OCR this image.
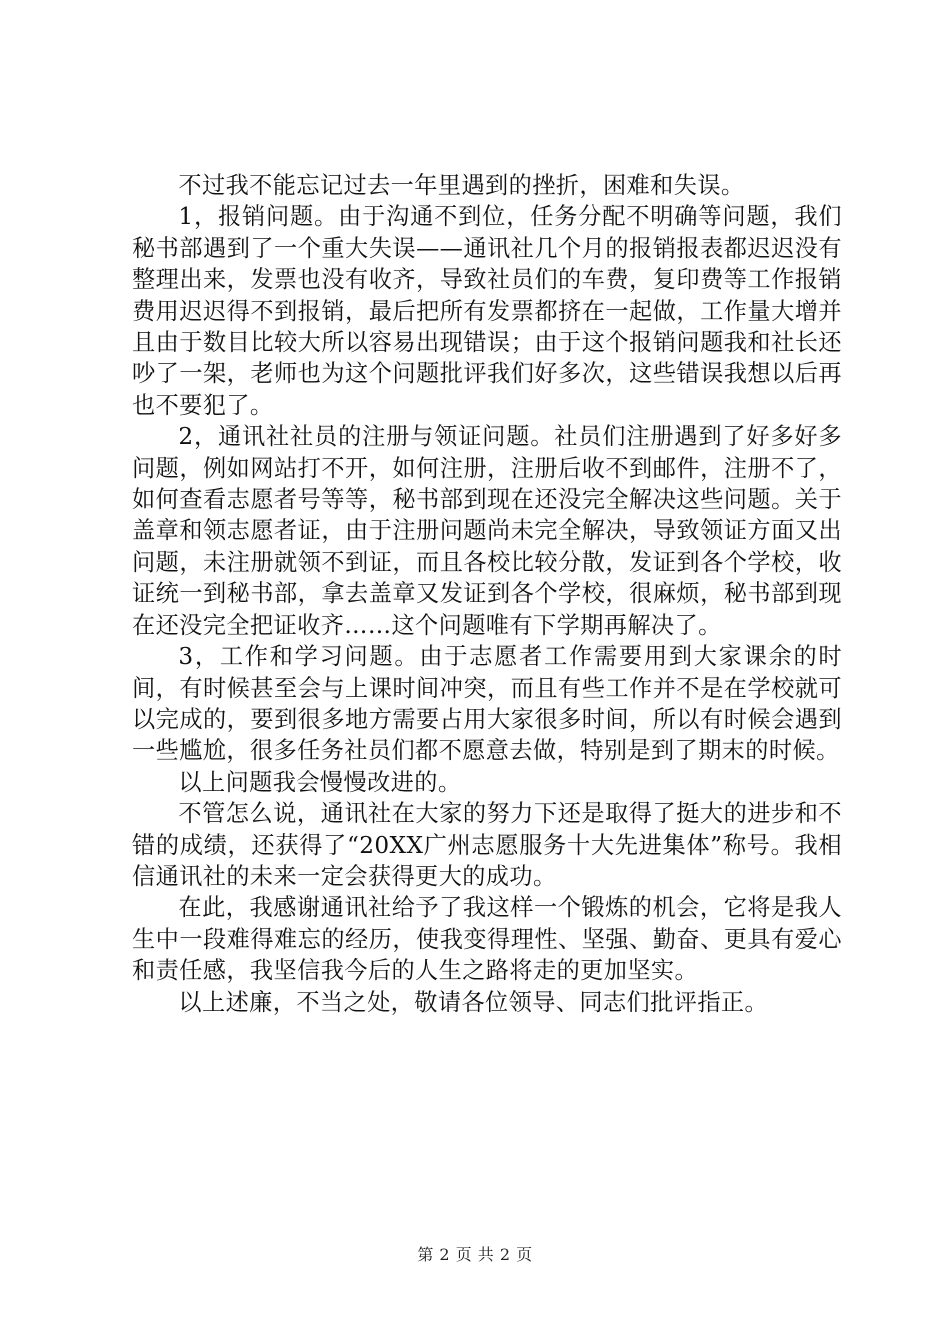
不过我不能忘记过去一年里遇到的挫折，困难和失误。

1，报销问题。由于沟通不到位，任务分配不明确等问题，我们秘书部遇到了一个重大失误——通讯社几个月的报销报表都迟迟没有整理出来，发票也没有收齐，导致社员们的车费，复印费等工作报销费用迟迟得不到报销，最后把所有发票都挤在一起做，工作量大增并且由于数目比较大所以容易出现错误；由于这个报销问题我和社长还吵了一架，老师也为这个问题批评我们好多次，这些错误我想以后再也不要犯了。

2，通讯社社员的注册与领证问题。社员们注册遇到了好多好多问题，例如网站打不开，如何注册，注册后收不到邮件，注册不了，如何查看志愿者号等等，秘书部到现在还没完全解决这些问题。关于盖章和领志愿者证，由于注册问题尚未完全解决，导致领证方面又出问题，未注册就领不到证，而且各校比较分散，发证到各个学校，收证统一到秘书部，拿去盖章又发证到各个学校，很麻烦，秘书部到现在还没完全把证收齐……这个问题唯有下学期再解决了。

3，工作和学习问题。由于志愿者工作需要用到大家课余的时间，有时候甚至会与上课时间冲突，而且有些工作并不是在学校就可以完成的，要到很多地方需要占用大家很多时间，所以有时候会遇到一些尴尬，很多任务社员们都不愿意去做，特别是到了期末的时候。

以上问题我会慢慢改进的。

不管怎么说，通讯社在大家的努力下还是取得了挺大的进步和不错的成绩，还获得了“20XX广州志愿服务十大先进集体”称号。我相信通讯社的未来一定会获得更大的成功。

在此，我感谢通讯社给予了我这样一个锻炼的机会，它将是我人生中一段难得难忘的经历，使我变得理性、坚强、勤奋、更具有爱心和责任感，我坚信我今后的人生之路将走的更加坚实。

以上述廉，不当之处，敬请各位领导、同志们批评指正。

第 2 页 共 2 页
